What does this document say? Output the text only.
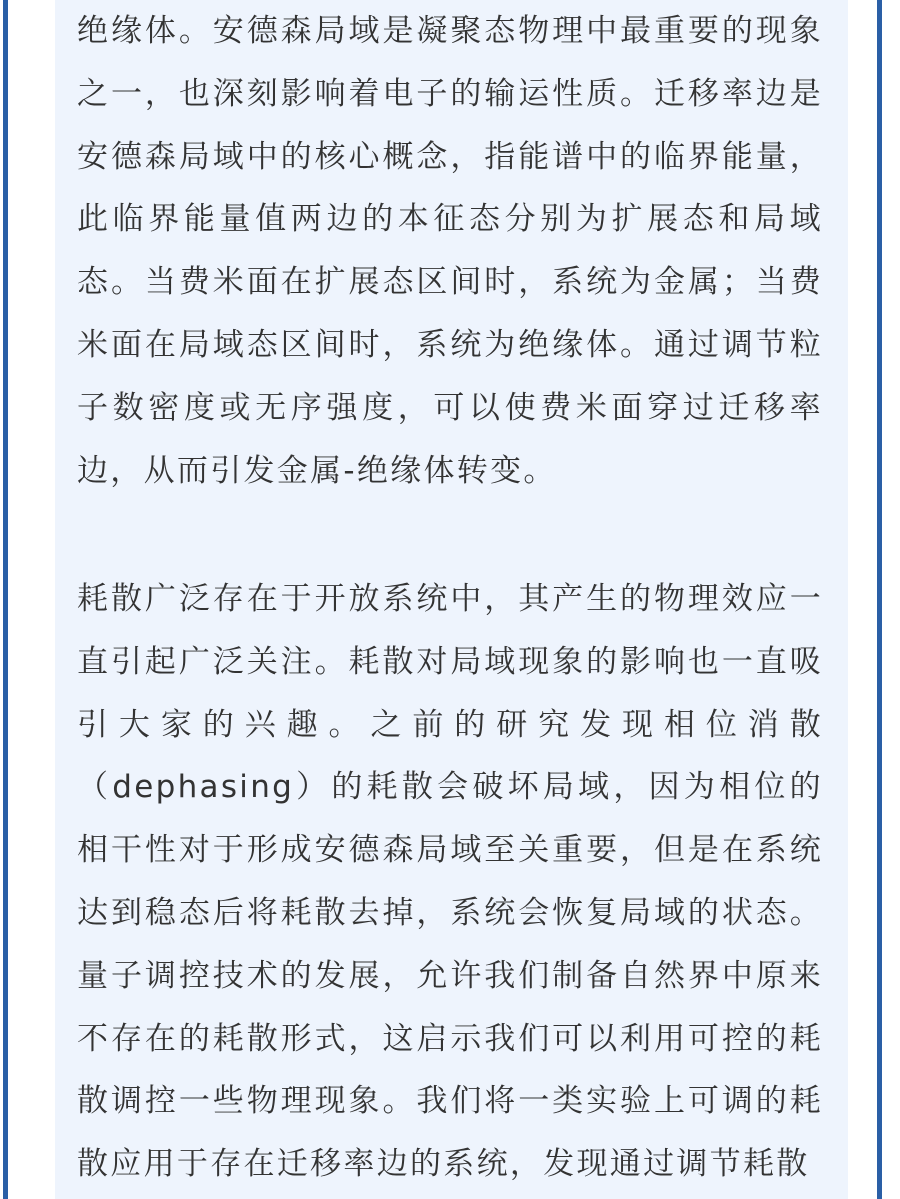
绝缘体。安德森局域是凝聚态物理中最重要的现象之一，也深刻影响着电子的输运性质。迁移率边是安德森局域中的核心概念，指能谱中的临界能量，此临界能量值两边的本征态分别为扩展态和局域态。当费米面在扩展态区间时，系统为金属；当费米面在局域态区间时，系统为绝缘体。通过调节粒子数密度或无序强度，可以使费米面穿过迁移率边，从而引发金属-绝缘体转变。

耗散广泛存在于开放系统中，其产生的物理效应一直引起广泛关注。耗散对局域现象的影响也一直吸引大家的兴趣。之前的研究发现相位消散（dephasing）的耗散会破坏局域，因为相位的相干性对于形成安德森局域至关重要，但是在系统达到稳态后将耗散去掉，系统会恢复局域的状态。量子调控技术的发展，允许我们制备自然界中原来不存在的耗散形式，这启示我们可以利用可控的耗散调控一些物理现象。我们将一类实验上可调的耗散应用于存在迁移率边的系统，发现通过调节耗散
